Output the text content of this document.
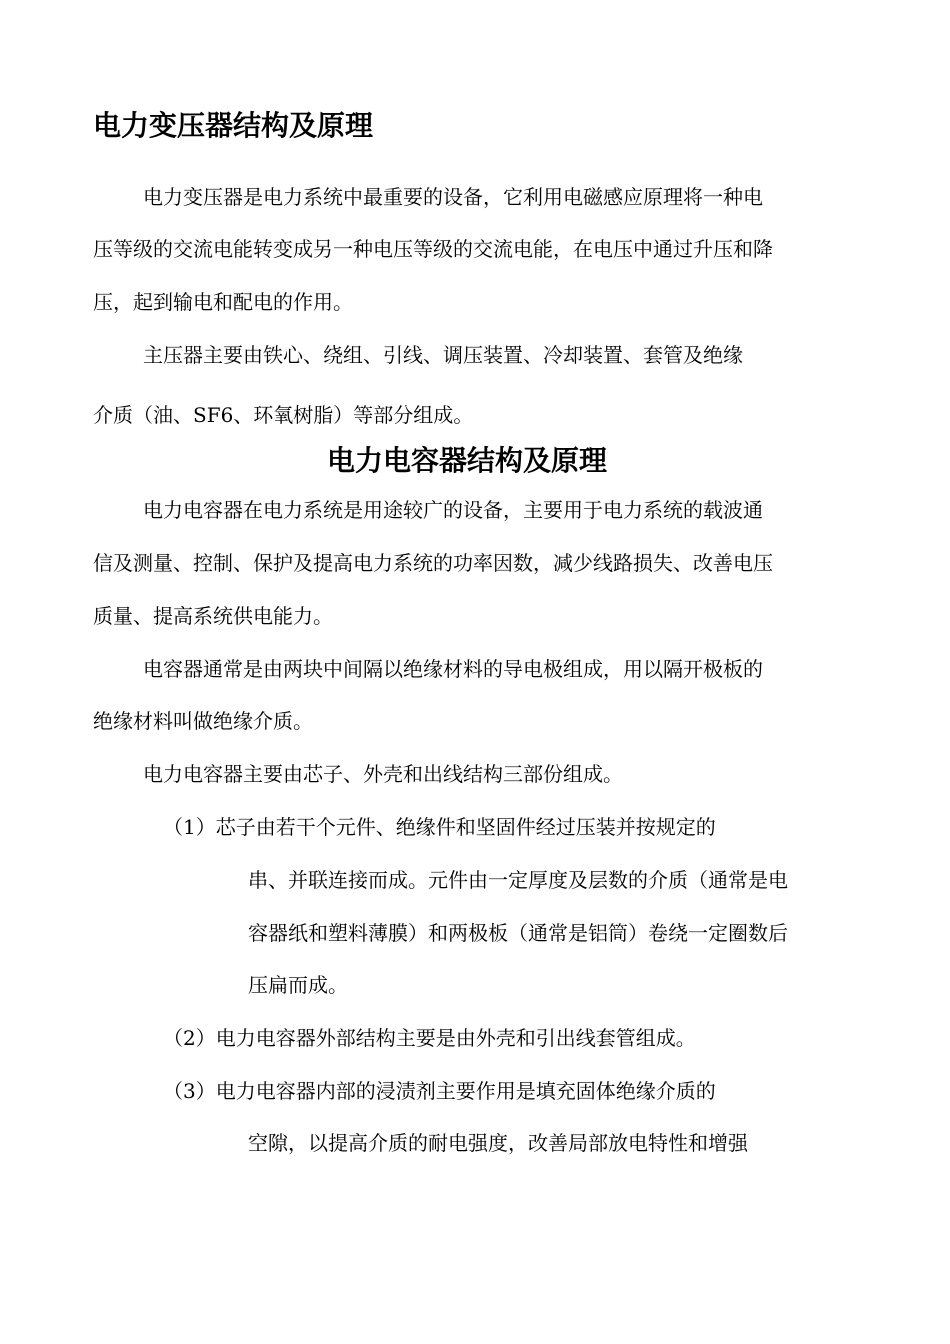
电力变压器结构及原理

电力变压器是电力系统中最重要的设备，它利用电磁感应原理将一种电

压等级的交流电能转变成另一种电压等级的交流电能，在电压中通过升压和降

压，起到输电和配电的作用。

主压器主要由铁心、绕组、引线、调压装置、冷却装置、套管及绝缘

介质（油、SF6、环氧树脂）等部分组成。

电力电容器结构及原理

电力电容器在电力系统是用途较广的设备，主要用于电力系统的载波通

信及测量、控制、保护及提高电力系统的功率因数，减少线路损失、改善电压

质量、提高系统供电能力。

电容器通常是由两块中间隔以绝缘材料的导电极组成，用以隔开极板的

绝缘材料叫做绝缘介质。

电力电容器主要由芯子、外壳和出线结构三部份组成。

（1）芯子由若干个元件、绝缘件和坚固件经过压装并按规定的

串、并联连接而成。元件由一定厚度及层数的介质（通常是电

容器纸和塑料薄膜）和两极板（通常是铝筒）卷绕一定圈数后

压扁而成。

（2）电力电容器外部结构主要是由外壳和引出线套管组成。

（3）电力电容器内部的浸渍剂主要作用是填充固体绝缘介质的

空隙，以提高介质的耐电强度，改善局部放电特性和增强
